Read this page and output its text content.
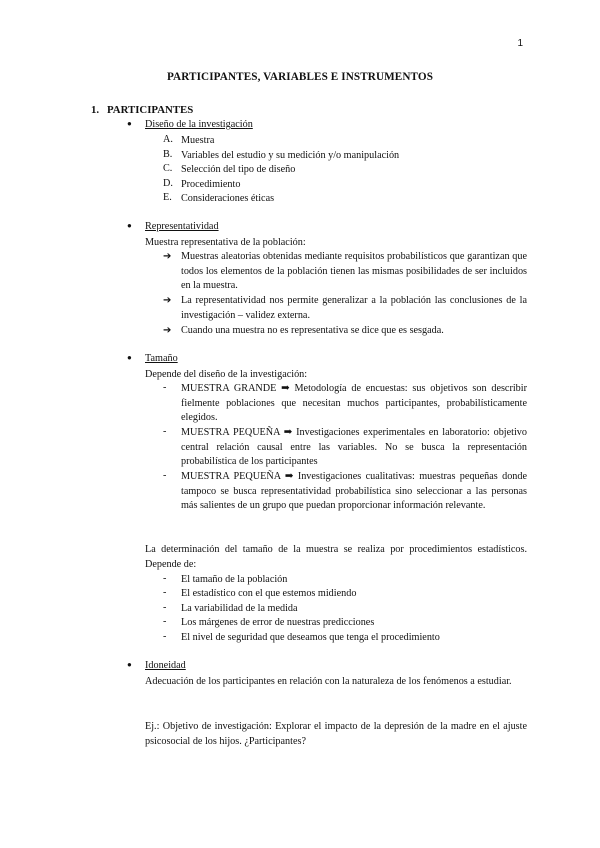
1
PARTICIPANTES, VARIABLES E INSTRUMENTOS
1. PARTICIPANTES
● Diseño de la investigación
A. Muestra
B. Variables del estudio y su medición y/o manipulación
C. Selección del tipo de diseño
D. Procedimiento
E. Consideraciones éticas
● Representatividad
Muestra representativa de la población:
➔ Muestras aleatorias obtenidas mediante requisitos probabilísticos que garantizan que todos los elementos de la población tienen las mismas posibilidades de ser incluidos en la muestra.
➔ La representatividad nos permite generalizar a la población las conclusiones de la investigación – validez externa.
➔ Cuando una muestra no es representativa se dice que es sesgada.
● Tamaño
Depende del diseño de la investigación:
- MUESTRA GRANDE ➡ Metodología de encuestas: sus objetivos son describir fielmente poblaciones que necesitan muchos participantes, probabilísticamente elegidos.
- MUESTRA PEQUEÑA ➡ Investigaciones experimentales en laboratorio: objetivo central relación causal entre las variables. No se busca la representación probabilística de los participantes
- MUESTRA PEQUEÑA ➡ Investigaciones cualitativas: muestras pequeñas donde tampoco se busca representatividad probabilística sino seleccionar a las personas más salientes de un grupo que puedan proporcionar información relevante.
La determinación del tamaño de la muestra se realiza por procedimientos estadísticos. Depende de:
- El tamaño de la población
- El estadístico con el que estemos midiendo
- La variabilidad de la medida
- Los márgenes de error de nuestras predicciones
- El nivel de seguridad que deseamos que tenga el procedimiento
● Idoneidad
Adecuación de los participantes en relación con la naturaleza de los fenómenos a estudiar.
Ej.: Objetivo de investigación: Explorar el impacto de la depresión de la madre en el ajuste psicosocial de los hijos. ¿Participantes?
